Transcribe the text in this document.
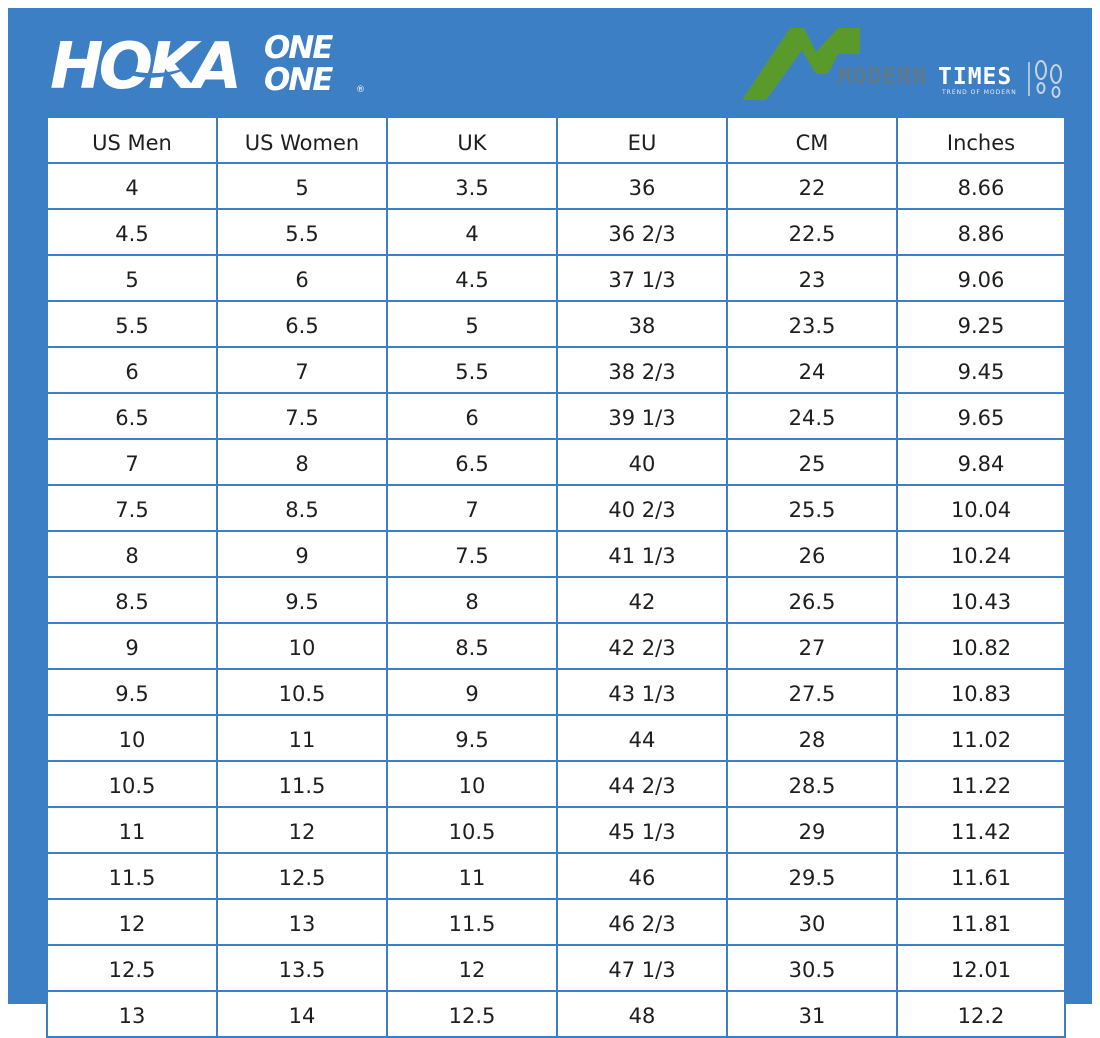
HOKA ONE
ONE	®	MODERN TIMES
TREND OF MODERN
US Men	US Women	UK	EU	CM	Inches
4	5	3.5	36	22	8.66
4.5	5.5	4	36 2/3	22.5	8.86
5	6	4.5	37 1/3	23	9.06
5.5	6.5	5	38	23.5	9.25
6	7	5.5	38 2/3	24	9.45
6.5	7.5	6	39 1/3	24.5	9.65
7	8	6.5	40	25	9.84
7.5	8.5	7	40 2/3	25.5	10.04
8	9	7.5	41 1/3	26	10.24
8.5	9.5	8	42	26.5	10.43
9	10	8.5	42 2/3	27	10.82
9.5	10.5	9	43 1/3	27.5	10.83
10	11	9.5	44	28	11.02
10.5	11.5	10	44 2/3	28.5	11.22
11	12	10.5	45 1/3	29	11.42
11.5	12.5	11	46	29.5	11.61
12	13	11.5	46 2/3	30	11.81
12.5	13.5	12	47 1/3	30.5	12.01
13	14	12.5	48	31	12.2
